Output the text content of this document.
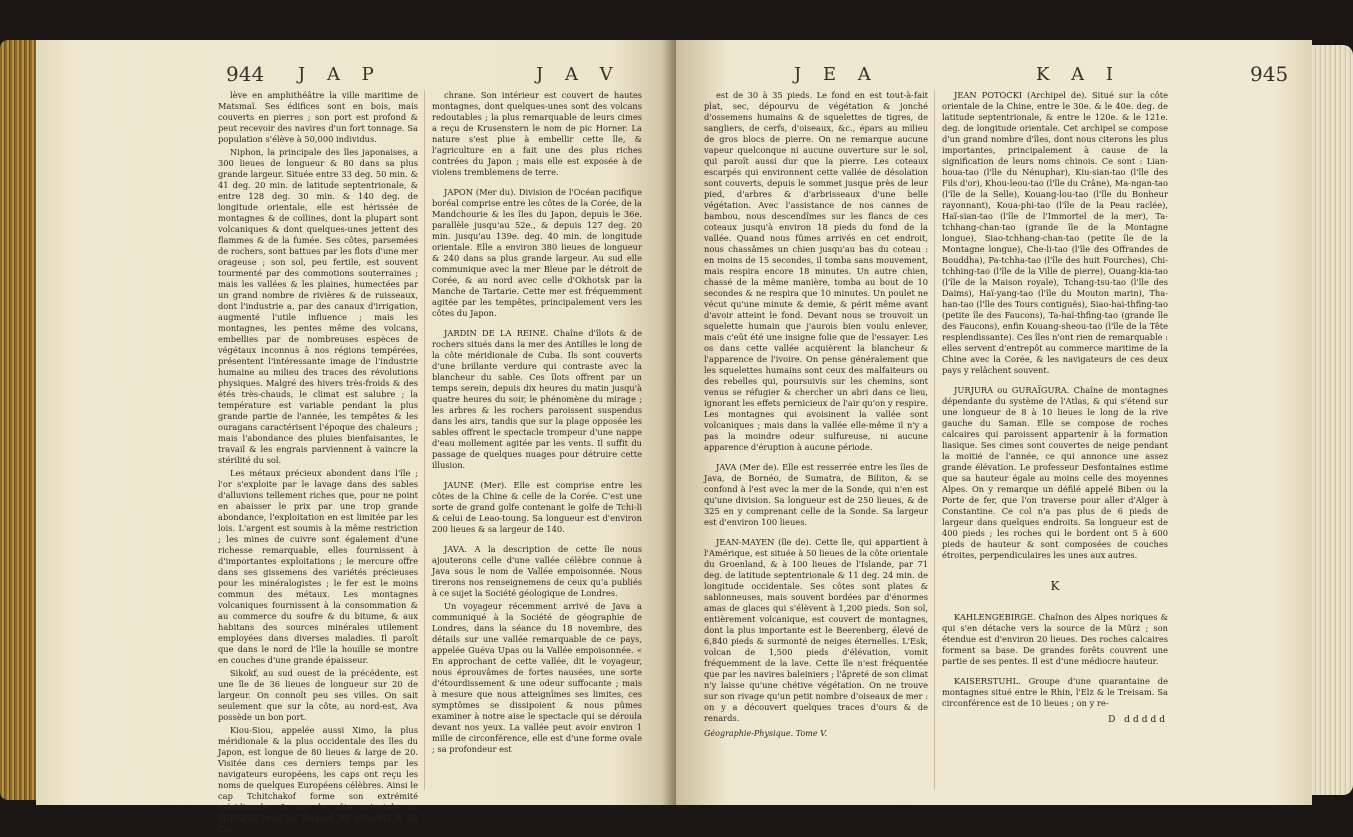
944 J A P	J A V

lève en amphithéâtre la ville maritime de Matsmaï. Ses édifices sont en bois, mais couverts en pierres ; son port est profond & peut recevoir des navires d'un fort tonnage. Sa population s'élève à 50,000 individus.

Niphon, la principale des îles japonaises, a 300 lieues de longueur & 80 dans sa plus grande largeur. Située entre 33 deg. 50 min. & 41 deg. 20 min. de latitude septentrionale, & entre 128 deg. 30 min. & 140 deg. de longitude orientale, elle est hérissée de montagnes & de collines, dont la plupart sont volcaniques & dont quelques-unes jettent des flammes & de la fumée. Ses côtes, parsemées de rochers, sont battues par les flots d'une mer orageuse ; son sol, peu fertile, est souvent tourmenté par des commotions souterraines ; mais les vallées & les plaines, humectées par un grand nombre de rivières & de ruisseaux, dont l'industrie a, par des canaux d'irrigation, augmenté l'utile influence ; mais les montagnes, les pentes même des volcans, embellies par de nombreuses espèces de végétaux inconnus à nos régions tempérées, présentent l'intéressante image de l'industrie humaine au milieu des traces des révolutions physiques. Malgré des hivers très-froids & des étés très-chauds, le climat est salubre ; la température est variable pendant la plus grande partie de l'année, les tempêtes & les ouragans caractérisent l'époque des chaleurs ; mais l'abondance des pluies bienfaisantes, le travail & les engrais parviennent à vaincre la stérilité du sol.

Les métaux précieux abondent dans l'île ; l'or s'exploite par le lavage dans des sables d'alluvions tellement riches que, pour ne point en abaisser le prix par une trop grande abondance, l'exploitation en est limitée par les lois. L'argent est soumis à la même restriction ; les mines de cuivre sont également d'une richesse remarquable, elles fournissent à d'importantes exploitations ; le mercure offre dans ses gissemens des variétés précieuses pour les minéralogistes ; le fer est le moins commun des métaux. Les montagnes volcaniques fournissent à la consommation & au commerce du soufre & du bitume, & aux habitans des sources minérales utilement employées dans diverses maladies. Il paroît que dans le nord de l'île la houille se montre en couches d'une grande épaisseur.

Sikokf, au sud ouest de la précédente, est une île de 36 lieues de longueur sur 20 de largeur. On connoît peu ses villes. On sait seulement que sur la côte, au nord-est, Ava possède un bon port.

Kiou-Siou, appelée aussi Ximo, la plus méridionale & la plus occidentale des îles du Japon, est longue de 80 lieues & large de 20. Visitée dans ces derniers temps par les navigateurs européens, les caps ont reçu les noms de quelques Européens célèbres. Ainsi le cap Tchitchakof forme son extrémité méridionale, & sur la côte orientale on distingue ceux de Nagaef, de d'Anville & de Co-

chrane. Son intérieur est couvert de hautes montagnes, dont quelques-unes sont des volcans redoutables ; la plus remarquable de leurs cimes a reçu de Krusenstern le nom de pic Horner. La nature s'est plue à embellir cette île, & l'agriculture en a fait une des plus riches contrées du Japon ; mais elle est exposée à de violens tremblemens de terre.

JAPON (Mer du). Division de l'Océan pacifique boréal comprise entre les côtes de la Corée, de la Mandchourie & les îles du Japon, depuis le 36e. parallèle jusqu'au 52e., & depuis 127 deg. 20 min. jusqu'au 139e. deg. 40 min. de longitude orientale. Elle a environ 380 lieues de longueur & 240 dans sa plus grande largeur. Au sud elle communique avec la mer Bleue par le détroit de Corée, & au nord avec celle d'Okhotsk par la Manche de Tartarie. Cette mer est fréquemment agitée par les tempêtes, principalement vers les côtes du Japon.

JARDIN DE LA REINE. Chaîne d'îlots & de rochers situés dans la mer des Antilles le long de la côte méridionale de Cuba. Ils sont couverts d'une brillante verdure qui contraste avec la blancheur du sable. Ces îlots offrent par un temps serein, depuis dix heures du matin jusqu'à quatre heures du soir, le phénomène du mirage ; les arbres & les rochers paroissent suspendus dans les airs, tandis que sur la plage opposée les sables offrent le spectacle trompeur d'une nappe d'eau mollement agitée par les vents. Il suffit du passage de quelques nuages pour détruire cette illusion.

JAUNE (Mer). Elle est comprise entre les côtes de la Chine & celle de la Corée. C'est une sorte de grand golfe contenant le golfe de Tchi-li & celui de Leao-toung. Sa longueur est d'environ 200 lieues & sa largeur de 140.

JAVA. A la description de cette île nous ajouterons celle d'une vallée célèbre connue à Java sous le nom de Vallée empoisonnée. Nous tirerons nos renseignemens de ceux qu'a publiés à ce sujet la Société géologique de Londres.

Un voyageur récemment arrivé de Java a communiqué à la Société de géographie de Londres, dans la séance du 18 novembre, des détails sur une vallée remarquable de ce pays, appelée Guéva Upas ou la Vallée empoisonnée. « En approchant de cette vallée, dit le voyageur, nous éprouvâmes de fortes nausées, une sorte d'étourdissement & une odeur suffocante ; mais à mesure que nous atteignîmes ses limites, ces symptômes se dissipoient & nous pûmes examiner à notre aise le spectacle qui se déroula devant nos yeux. La vallée peut avoir environ 1 mille de circonférence, elle est d'une forme ovale ; sa profondeur est

J E A	K A I	945

est de 30 à 35 pieds. Le fond en est tout-à-fait plat, sec, dépourvu de végétation & jonché d'ossemens humains & de squelettes de tigres, de sangliers, de cerfs, d'oiseaux, &c., épars au milieu de gros blocs de pierre. On ne remarque aucune vapeur quelconque ni aucune ouverture sur le sol, qui paroît aussi dur que la pierre. Les coteaux escarpés qui environnent cette vallée de désolation sont couverts, depuis le sommet jusque près de leur pied, d'arbres & d'arbrisseaux d'une belle végétation. Avec l'assistance de nos cannes de bambou, nous descendîmes sur les flancs de ces coteaux jusqu'à environ 18 pieds du fond de la vallée. Quand nous fûmes arrivés en cet endroit, nous chassâmes un chien jusqu'au bas du coteau : en moins de 15 secondes, il tomba sans mouvement, mais respira encore 18 minutes. Un autre chien, chassé de la même manière, tomba au bout de 10 secondes & ne respira que 10 minutes. Un poulet ne vécut qu'une minute & demie, & périt même avant d'avoir atteint le fond. Devant nous se trouvoit un squelette humain que j'aurois bien voulu enlever, mais c'eût été une insigne folie que de l'essayer. Les os dans cette vallée acquièrent la blancheur & l'apparence de l'ivoire. On pense généralement que les squelettes humains sont ceux des malfaiteurs ou des rebelles qui, poursuivis sur les chemins, sont venus se réfugier & chercher un abri dans ce lieu, ignorant les effets pernicieux de l'air qu'on y respire. Les montagnes qui avoisinent la vallée sont volcaniques ; mais dans la vallée elle-même il n'y a pas la moindre odeur sulfureuse, ni aucune apparence d'éruption à aucune période.

JAVA (Mer de). Elle est resserrée entre les îles de Java, de Bornéo, de Sumatra, de Biliton, & se confond à l'est avec la mer de la Sonde, qui n'en est qu'une division. Sa longueur est de 250 lieues, & de 325 en y comprenant celle de la Sonde. Sa largeur est d'environ 100 lieues.

JEAN-MAYEN (île de). Cette île, qui appartient à l'Amérique, est située à 50 lieues de la côte orientale du Groenland, & à 100 lieues de l'Islande, par 71 deg. de latitude septentrionale & 11 deg. 24 min. de longitude occidentale. Ses côtes sont plates & sablonneuses, mais souvent bordées par d'énormes amas de glaces qui s'élèvent à 1,200 pieds. Son sol, entièrement volcanique, est couvert de montagnes, dont la plus importante est le Beerenberg, élevé de 6,840 pieds & surmonté de neiges éternelles. L'Esk, volcan de 1,500 pieds d'élévation, vomit fréquemment de la lave. Cette île n'est fréquentée que par les navires baleiniers ; l'âpreté de son climat n'y laisse qu'une chétive végétation. On ne trouve sur son rivage qu'un petit nombre d'oiseaux de mer : on y a découvert quelques traces d'ours & de renards.

Géographie-Physique. Tome V.

JEAN POTOCKI (Archipel de). Situé sur la côte orientale de la Chine, entre le 30e. & le 40e. deg. de latitude septentrionale, & entre le 120e. & le 121e. deg. de longitude orientale. Cet archipel se compose d'un grand nombre d'îles, dont nous citerons les plus importantes, principalement à cause de la signification de leurs noms chinois. Ce sont : Lian-houa-tao (l'île du Nénuphar), Kiu-sian-tao (l'île des Fils d'or), Khou-leou-tao (l'île du Crâne), Ma-ngan-tao (l'île de la Selle), Kouang-lou-tao (l'île du Bonheur rayonnant), Koua-phi-tao (l'île de la Peau raclée), Haï-sian-tao (l'île de l'Immortel de la mer), Ta-tchhang-chan-tao (grande île de la Montagne longue), Siao-tchhang-chan-tao (petite île de la Montagne longue), Che-li-tao (l'île des Offrandes de Bouddha), Pa-tchha-tao (l'île des huit Fourches), Chi-tchhing-tao (l'île de la Ville de pierre), Ouang-kia-tao (l'île de la Maison royale), Tchang-tsu-tao (l'île des Daims), Haï-yang-tao (l'île du Mouton marin), Tha-han-tao (l'île des Tours contiguës), Siao-hai-thfing-tao (petite île des Faucons), Ta-haï-thfing-tao (grande île des Faucons), enfin Kouang-sheou-tao (l'île de la Tête resplendissante). Ces îles n'ont rien de remarquable : elles servent d'entrepôt au commerce maritime de la Chine avec la Corée, & les navigateurs de ces deux pays y relâchent souvent.

JURJURA ou GURAÏGURA. Chaîne de montagnes dépendante du système de l'Atlas, & qui s'étend sur une longueur de 8 à 10 lieues le long de la rive gauche du Saman. Elle se compose de roches calcaires qui paroissent appartenir à la formation liasique. Ses cimes sont couvertes de neige pendant la moitié de l'année, ce qui annonce une assez grande élévation. Le professeur Desfontaines estime que sa hauteur égale au moins celle des moyennes Alpes. On y remarque un défilé appelé Biben ou la Porte de fer, que l'on traverse pour aller d'Alger à Constantine. Ce col n'a pas plus de 6 pieds de largeur dans quelques endroits. Sa longueur est de 400 pieds ; les roches qui le bordent ont 5 à 600 pieds de hauteur & sont composées de couches étroites, perpendiculaires les unes aux autres.

K

KAHLENGEBIRGE. Chaînon des Alpes noriques & qui s'en détache vers la source de la Mürz ; son étendue est d'environ 20 lieues. Des roches calcaires forment sa base. De grandes forêts couvrent une partie de ses pentes. Il est d'une médiocre hauteur.

KAISERSTUHL. Groupe d'une quarantaine de montagnes situé entre le Rhin, l'Elz & le Treisam. Sa circonférence est de 10 lieues ; on y re-

D ddddd
